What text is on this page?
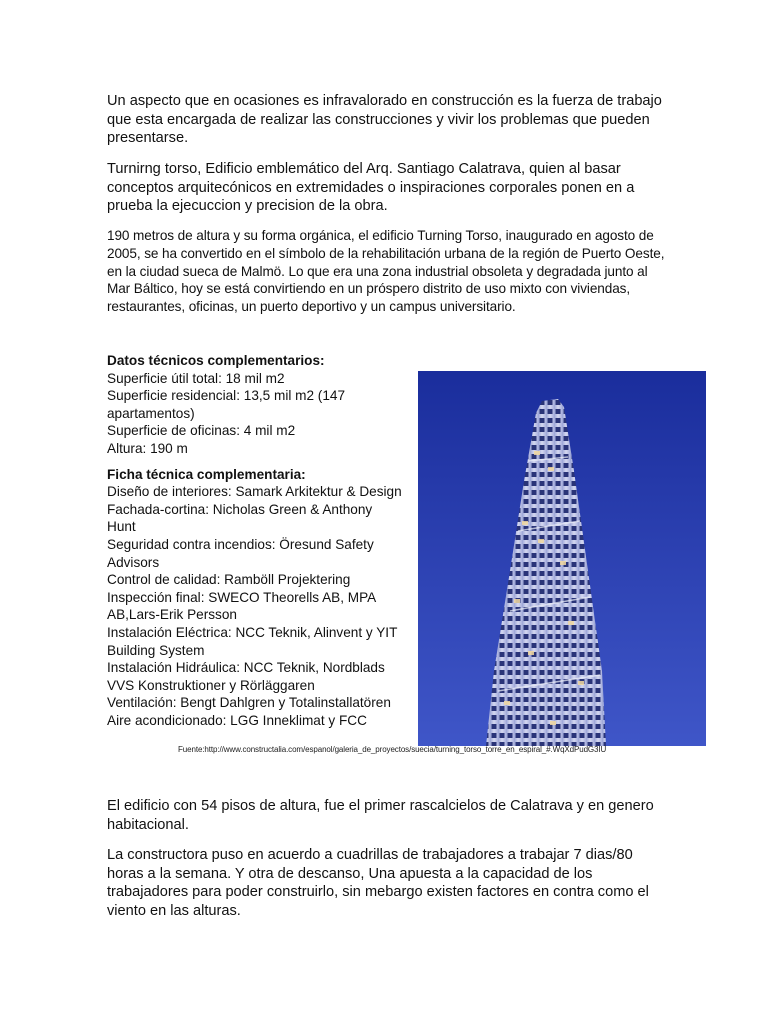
Un aspecto que en ocasiones es infravalorado en construcción es la fuerza de trabajo que esta encargada de realizar las construcciones y vivir los problemas que pueden presentarse.

Turnirng torso, Edificio emblemático del Arq. Santiago Calatrava, quien al basar conceptos arquitecónicos en extremidades o inspiraciones corporales ponen en a prueba la ejecuccion y precision de la obra.

190 metros de altura y su forma orgánica, el edificio Turning Torso, inaugurado en agosto de 2005, se ha convertido en el símbolo de la rehabilitación urbana de la región de Puerto Oeste, en la ciudad sueca de Malmö. Lo que era una zona industrial obsoleta y degradada junto al Mar Báltico, hoy se está convirtiendo en un próspero distrito de uso mixto con viviendas, restaurantes, oficinas, un puerto deportivo y un campus universitario.

Datos técnicos complementarios:
Superficie útil total: 18 mil m2
Superficie residencial: 13,5 mil m2 (147
apartamentos)
Superficie de oficinas: 4 mil m2
Altura: 190 m
Ficha técnica complementaria:
Diseño de interiores: Samark Arkitektur & Design
Fachada-cortina: Nicholas Green & Anthony
Hunt
Seguridad contra incendios: Öresund Safety
Advisors
Control de calidad: Ramböll Projektering
Inspección final: SWECO Theorells AB, MPA
AB,Lars-Erik Persson
Instalación Eléctrica: NCC Teknik, Alinvent y YIT
Building System
Instalación Hidráulica: NCC Teknik, Nordblads
VVS Konstruktioner y Rörläggaren
Ventilación: Bengt Dahlgren y Totalinstallatören
Aire acondicionado: LGG Inneklimat y FCC
Fuente:http://www.constructalia.com/espanol/galeria_de_proyectos/suecia/turning_torso_torre_en_espiral_#.WqXdPudG3IU

El edificio con 54 pisos de altura, fue el primer rascalcielos de Calatrava y en genero habitacional.

La constructora puso en acuerdo a cuadrillas de trabajadores a trabajar 7 dias/80 horas a la semana. Y otra de descanso, Una apuesta a la capacidad de los trabajadores para poder construirlo, sin mebargo existen factores en contra como el viento en las alturas.
